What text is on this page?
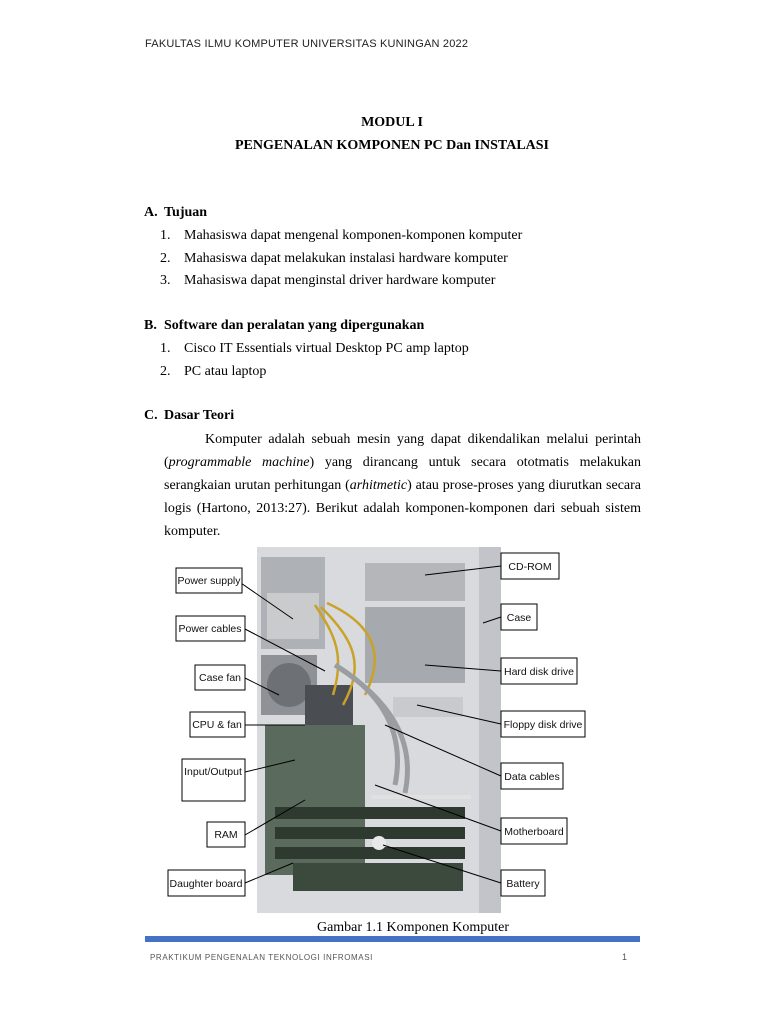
FAKULTAS ILMU KOMPUTER UNIVERSITAS KUNINGAN 2022
MODUL I
PENGENALAN KOMPONEN PC Dan INSTALASI
A. Tujuan
1. Mahasiswa dapat mengenal komponen-komponen komputer
2. Mahasiswa dapat melakukan instalasi hardware komputer
3. Mahasiswa dapat menginstal driver hardware komputer
B. Software dan peralatan yang dipergunakan
1. Cisco IT Essentials virtual Desktop PC amp laptop
2. PC atau laptop
C. Dasar Teori
Komputer adalah sebuah mesin yang dapat dikendalikan melalui perintah (programmable machine) yang dirancang untuk secara ototmatis melakukan serangkaian urutan perhitungan (arhitmetic) atau prose-proses yang diurutkan secara logis (Hartono, 2013:27). Berikut adalah komponen-komponen dari sebuah sistem komputer.
Power supply
Power cables
Case fan
CPU & fan
Input/Output
RAM
Daughter board
CD-ROM
Case
Hard disk drive
Floppy disk drive
Data cables
Motherboard
Battery
Gambar 1.1 Komponen Komputer
PRAKTIKUM PENGENALAN TEKNOLOGI INFROMASI	1
